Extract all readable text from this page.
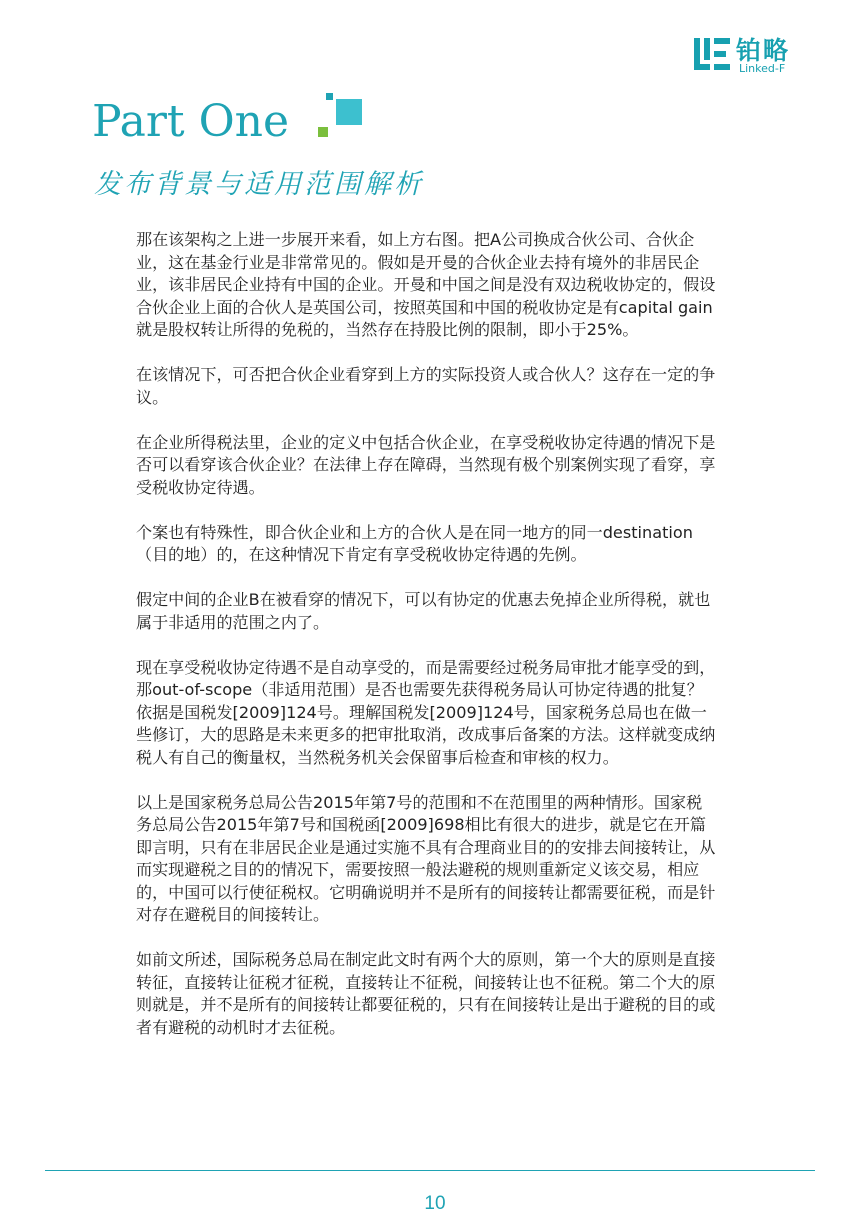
铂略
Linked-F
Part One
发布背景与适用范围解析

那在该架构之上进一步展开来看，如上方右图。把A公司换成合伙公司、合伙企业，这在基金行业是非常常见的。假如是开曼的合伙企业去持有境外的非居民企业，该非居民企业持有中国的企业。开曼和中国之间是没有双边税收协定的，假设合伙企业上面的合伙人是英国公司，按照英国和中国的税收协定是有capital gain就是股权转让所得的免税的，当然存在持股比例的限制，即小于25%。

在该情况下，可否把合伙企业看穿到上方的实际投资人或合伙人？这存在一定的争议。

在企业所得税法里，企业的定义中包括合伙企业，在享受税收协定待遇的情况下是否可以看穿该合伙企业？在法律上存在障碍，当然现有极个别案例实现了看穿，享受税收协定待遇。

个案也有特殊性，即合伙企业和上方的合伙人是在同一地方的同一destination（目的地）的，在这种情况下肯定有享受税收协定待遇的先例。

假定中间的企业B在被看穿的情况下，可以有协定的优惠去免掉企业所得税，就也属于非适用的范围之内了。

现在享受税收协定待遇不是自动享受的，而是需要经过税务局审批才能享受的到，那out-of-scope（非适用范围）是否也需要先获得税务局认可协定待遇的批复？依据是国税发[2009]124号。理解国税发[2009]124号，国家税务总局也在做一些修订，大的思路是未来更多的把审批取消，改成事后备案的方法。这样就变成纳税人有自己的衡量权，当然税务机关会保留事后检查和审核的权力。

以上是国家税务总局公告2015年第7号的范围和不在范围里的两种情形。国家税务总局公告2015年第7号和国税函[2009]698相比有很大的进步，就是它在开篇即言明，只有在非居民企业是通过实施不具有合理商业目的的安排去间接转让，从而实现避税之目的的情况下，需要按照一般法避税的规则重新定义该交易，相应的，中国可以行使征税权。它明确说明并不是所有的间接转让都需要征税，而是针对存在避税目的间接转让。

如前文所述，国际税务总局在制定此文时有两个大的原则，第一个大的原则是直接转征，直接转让征税才征税，直接转让不征税，间接转让也不征税。第二个大的原则就是，并不是所有的间接转让都要征税的，只有在间接转让是出于避税的目的或者有避税的动机时才去征税。

10
